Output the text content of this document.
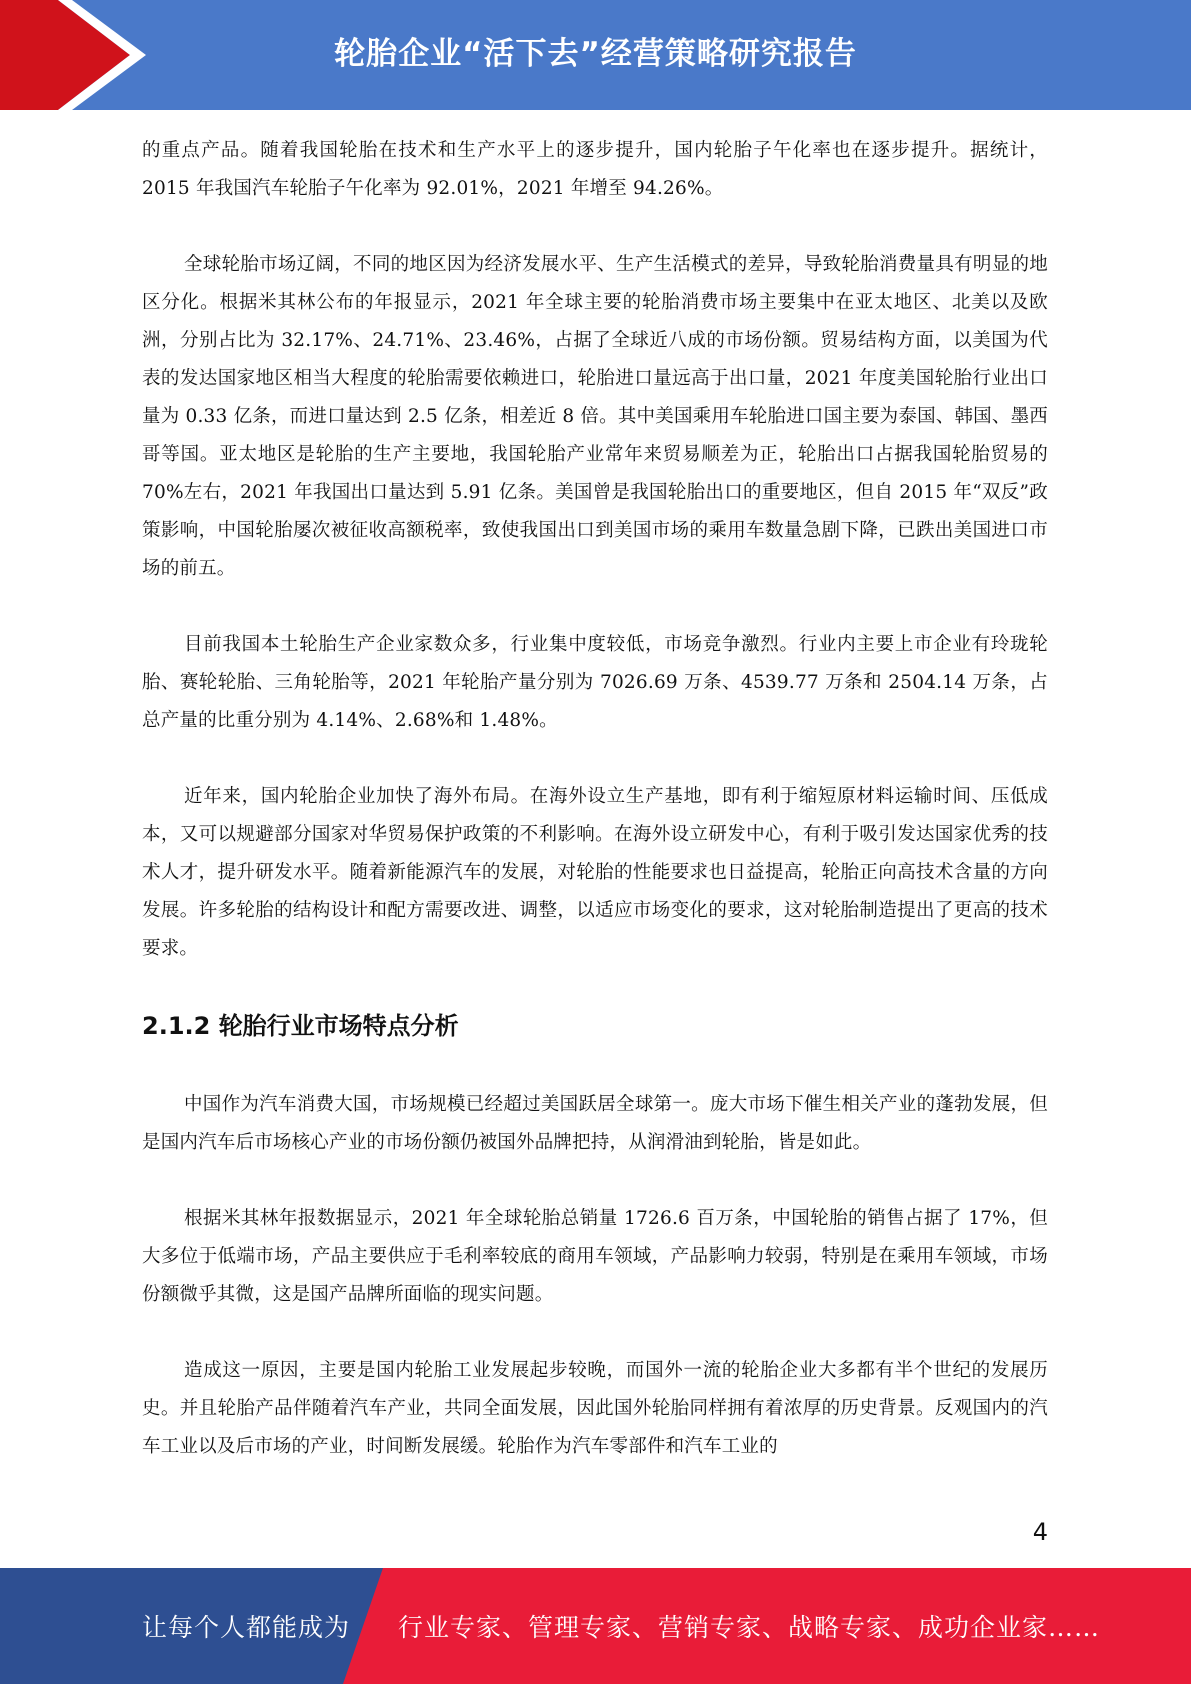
轮胎企业“活下去”经营策略研究报告

的重点产品。随着我国轮胎在技术和生产水平上的逐步提升，国内轮胎子午化率也在逐步提升。据统计，2015 年我国汽车轮胎子午化率为 92.01%，2021 年增至 94.26%。

全球轮胎市场辽阔，不同的地区因为经济发展水平、生产生活模式的差异，导致轮胎消费量具有明显的地区分化。根据米其林公布的年报显示，2021 年全球主要的轮胎消费市场主要集中在亚太地区、北美以及欧洲，分别占比为 32.17%、24.71%、23.46%，占据了全球近八成的市场份额。贸易结构方面，以美国为代表的发达国家地区相当大程度的轮胎需要依赖进口，轮胎进口量远高于出口量，2021 年度美国轮胎行业出口量为 0.33 亿条，而进口量达到 2.5 亿条，相差近 8 倍。其中美国乘用车轮胎进口国主要为泰国、韩国、墨西哥等国。亚太地区是轮胎的生产主要地，我国轮胎产业常年来贸易顺差为正，轮胎出口占据我国轮胎贸易的 70%左右，2021 年我国出口量达到 5.91 亿条。美国曾是我国轮胎出口的重要地区，但自 2015 年“双反”政策影响，中国轮胎屡次被征收高额税率，致使我国出口到美国市场的乘用车数量急剧下降，已跌出美国进口市场的前五。

目前我国本土轮胎生产企业家数众多，行业集中度较低，市场竞争激烈。行业内主要上市企业有玲珑轮胎、赛轮轮胎、三角轮胎等，2021 年轮胎产量分别为 7026.69 万条、4539.77 万条和 2504.14 万条，占总产量的比重分别为 4.14%、2.68%和 1.48%。

近年来，国内轮胎企业加快了海外布局。在海外设立生产基地，即有利于缩短原材料运输时间、压低成本，又可以规避部分国家对华贸易保护政策的不利影响。在海外设立研发中心，有利于吸引发达国家优秀的技术人才，提升研发水平。随着新能源汽车的发展，对轮胎的性能要求也日益提高，轮胎正向高技术含量的方向发展。许多轮胎的结构设计和配方需要改进、调整，以适应市场变化的要求，这对轮胎制造提出了更高的技术要求。

2.1.2 轮胎行业市场特点分析

中国作为汽车消费大国，市场规模已经超过美国跃居全球第一。庞大市场下催生相关产业的蓬勃发展，但是国内汽车后市场核心产业的市场份额仍被国外品牌把持，从润滑油到轮胎，皆是如此。

根据米其林年报数据显示，2021 年全球轮胎总销量 1726.6 百万条，中国轮胎的销售占据了 17%，但大多位于低端市场，产品主要供应于毛利率较底的商用车领域，产品影响力较弱，特别是在乘用车领域，市场份额微乎其微，这是国产品牌所面临的现实问题。

造成这一原因，主要是国内轮胎工业发展起步较晚，而国外一流的轮胎企业大多都有半个世纪的发展历史。并且轮胎产品伴随着汽车产业，共同全面发展，因此国外轮胎同样拥有着浓厚的历史背景。反观国内的汽车工业以及后市场的产业，时间断发展缓。轮胎作为汽车零部件和汽车工业的

4
让每个人都能成为 行业专家、管理专家、营销专家、战略专家、成功企业家……
